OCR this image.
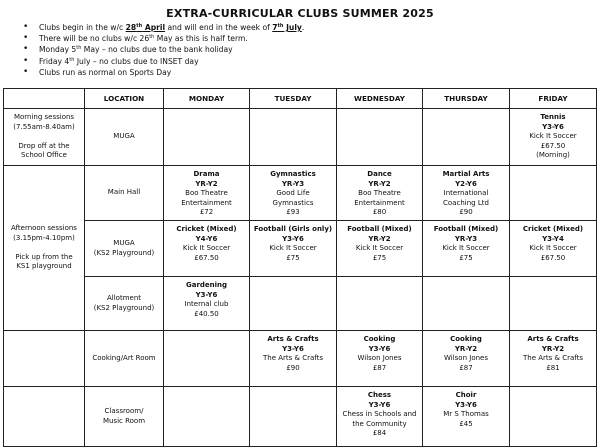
EXTRA-CURRICULAR CLUBS SUMMER 2025
• Clubs begin in the w/c 28th April and will end in the week of 7th July.
• There will be no clubs w/c 26th May as this is half term.
• Monday 5th May – no clubs due to the bank holiday
• Friday 4th July – no clubs due to INSET day
• Clubs run as normal on Sports Day
	LOCATION	MONDAY	TUESDAY	WEDNESDAY	THURSDAY	FRIDAY

Morning sessions
(7.55am-8.40am)
Drop off at the
School Office	MUGA					Tennis
Y3-Y6
Kick It Soccer
£67.50
(Morning)

Afternoon sessions
(3.15pm-4.10pm)
Pick up from the
KS1 playground	Main Hall	Drama
YR-Y2
Boo Theatre
Entertainment
£72	Gymnastics
YR-Y3
Good Life
Gymnastics
£93	Dance
YR-Y2
Boo Theatre
Entertainment
£80	Martial Arts
Y2-Y6
International
Coaching Ltd
£90	

	MUGA
(KS2 Playground)	Cricket (Mixed)
Y4-Y6
Kick It Soccer
£67.50	Football (Girls only)
Y3-Y6
Kick It Soccer
£75	Football (Mixed)
YR-Y2
Kick It Soccer
£75	Football (Mixed)
YR-Y3
Kick It Soccer
£75	Cricket (Mixed)
Y3-Y4
Kick It Soccer
£67.50

	Allotment
(KS2 Playground)	Gardening
Y3-Y6
Internal club
£40.50				

	Cooking/Art Room		Arts & Crafts
Y3-Y6
The Arts & Crafts
£90	Cooking
Y3-Y6
Wilson Jones
£87	Cooking
YR-Y2
Wilson Jones
£87	Arts & Crafts
YR-Y2
The Arts & Crafts
£81

	Classroom/
Music Room			Chess
Y3-Y6
Chess in Schools and
the Community
£84	Choir
Y3-Y6
Mr S Thomas
£45	
